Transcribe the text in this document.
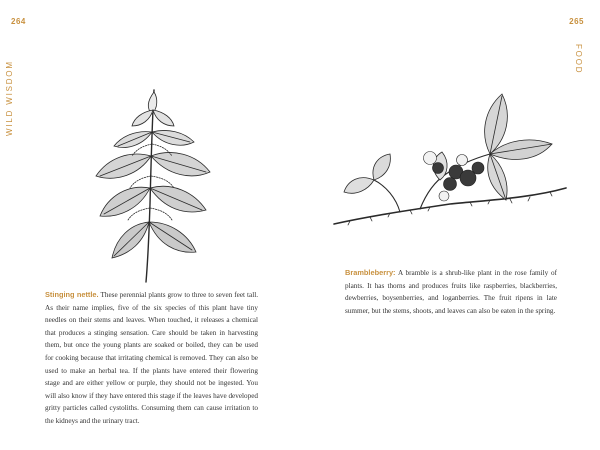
264
WILD WISDOM
Stinging nettle. These perennial plants grow to three to seven feet tall. As their name implies, five of the six species of this plant have tiny needles on their stems and leaves. When touched, it releases a chemical that produces a stinging sensation. Care should be taken in harvesting them, but once the young plants are soaked or boiled, they can be used for cooking because that irritating chemical is removed. They can also be used to make an herbal tea. If the plants have entered their flowering stage and are either yellow or purple, they should not be ingested. You will also know if they have entered this stage if the leaves have developed gritty particles called cystoliths. Consuming them can cause irritation to the kidneys and the urinary tract.
265
FOOD
Brambleberry: A bramble is a shrub-like plant in the rose family of plants. It has thorns and produces fruits like raspberries, blackberries, dewberries, boysenberries, and loganberries. The fruit ripens in late summer, but the stems, shoots, and leaves can also be eaten in the spring.
